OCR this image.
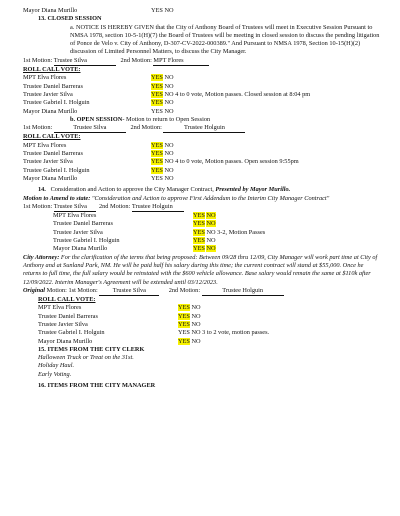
Mayor Diana Murillo	YES NO
13. CLOSED SESSION
a. NOTICE IS HEREBY GIVEN that the City of Anthony Board of Trustees will meet in Executive Session Pursuant to NMSA 1978, section 10-5-1(H)(7) the Board of Trustees will be meeting in closed session to discuss the pending litigation of Ponce de Velo v. City of Anthony, D-307-CV-2022-000389." And Pursuant to NMSA 1978, Section 10-15(H)(2) discussion of Limited Personnel Matters, to discuss the City Manager.
1st Motion:
Trustee Silva
	2nd Motion:
MPT Flores
ROLL CALL VOTE:
MPT Elva Flores	YES NO
Trustee Daniel Barreras	YES NO
Trustee Javier Silva	YES NO 4 to 0 vote, Motion passes. Closed session at 8:04 pm
Trustee Gabriel I. Holguin	YES NO
Mayor Diana Murillo	YES NO
b. OPEN SESSION- Motion to return to Open Session
1st Motion:
	Trustee Silva
	2nd Motion:
	Trustee Holguin
ROLL CALL VOTE:
MPT Elva Flores	YES NO
Trustee Daniel Barreras	YES NO
Trustee Javier Silva	YES NO 4 to 0 vote, Motion passes. Open session 9:55pm
Trustee Gabriel I. Holguin	YES NO
Mayor Diana Murillo	YES NO
14. Consideration and Action to approve the City Manager Contract, Presented by Mayor Murillo.
Motion to Amend to state: "Consideration and Action to approve First Addendum to the Interim City Manager Contract"
1st Motion:
Trustee Silva
	2nd Motion:
Trustee Holguin
MPT Elva Flores	YES NO
Trustee Daniel Barreras	YES NO
Trustee Javier Silva	YES NO 3-2, Motion Passes
Trustee Gabriel I. Holguin	YES NO
Mayor Diana Murillo	YES NO
City Attorney: For the clarification of the terms that being proposed: Between 09/28 thru 12/09, City Manager will work part time at City of Anthony and at Sunland Park, NM. He will be paid half his salary during this time; the current contract will stand at $55,000. Once he returns to full time, the full salary would be reinstated with the $600 vehicle allowance. Base salary would remain the same at $110k after 12/09/2022. Interim Manager's Agreement will be extended until 03/12/2023.
Original
Motion: 1st Motion:
	Trustee Silva
	2nd Motion:
	Trustee Holguin
ROLL CALL VOTE:
MPT Elva Flores	YES NO
Trustee Daniel Barreras	YES NO
Trustee Javier Silva	YES NO
Trustee Gabriel I. Holguin	YES NO 3 to 2 vote, motion passes.
Mayor Diana Murillo	YES NO
15. ITEMS FROM THE CITY CLERK
Halloween Truck or Treat on the 31st.
Holiday Haul.
Early Voting.
16. ITEMS FROM THE CITY MANAGER
